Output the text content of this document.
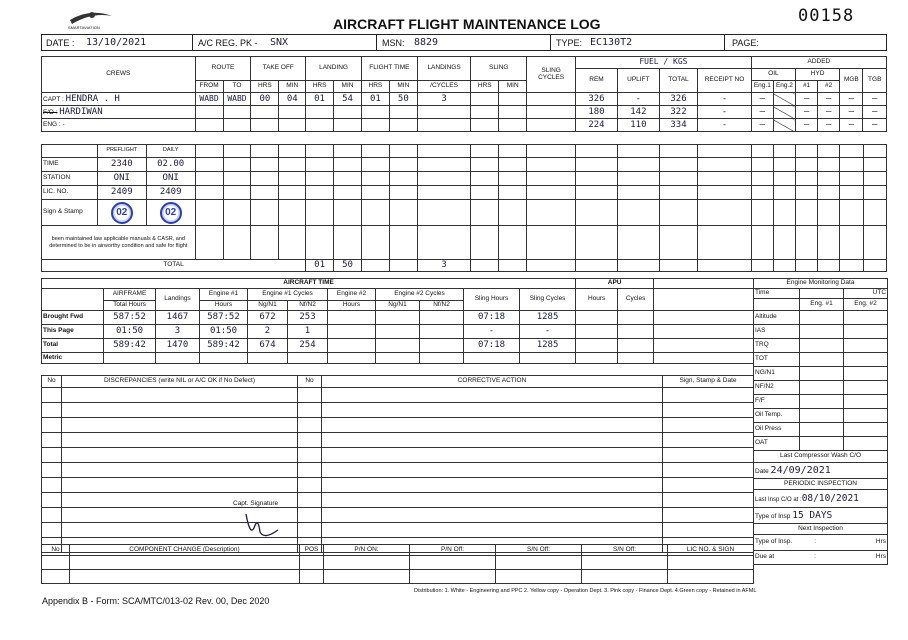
SMARTAVIATION	AIRCRAFT FLIGHT MAINTENANCE LOG	00158
DATE : 13/10/2021	A/C REG. PK - SNX	MSN: 8829	TYPE: EC130T2	PAGE:
CREWS	ROUTE		TAKE OFF		LANDING		FLIGHT TIME		LANDINGS	SLING		SLING CYCLES	FUEL / KGS				ADDED					
													REM	UPLIFT	TOTAL	RECEIPT NO	OIL		HYD		MGB	TGB
	FROM	TO	HRS	MIN	HRS	MIN	HRS	MIN	/CYCLES	HRS	MIN						Eng.1	Eng.2	#1	#2		
CAPT : HENDRA . H	WABD	WABD	00	04	01	54	01	50	3				326	-	326	-	–		–	–	–	–
F/O : HARDIWAN													180	142	322	-	–		–	–	–	–
ENG : -													224	110	334	-	–		–	–	–	–
	PREFLIGHT	DAILY																						
TIME	2340	02.00																						
STATION	ONI	ONI																						
LIC. NO.	2409	2409																						
Sign & Stamp	02	02																						
been maintained law applicable manuals & CASR, and determined to be in airworthy condition and safe for flight																								
TOTAL							01	50			3													
AIRCRAFT TIME											APU		
	AIRFRAME	Landings	Engine #1	Engine #1 Cycles		Engine #2	Engine #2 Cycles		Sling Hours	Sling Cycles	Hours	Cycles	
	Total Hours		Hours	Ng/N1	Nf/N2	Hours	Ng/N1	Nf/N2					
Brought Fwd	587:52	1467	587:52	672	253				07:18	1285			
This Page	01:50	3	01:50	2	1				-	-			
Total	589:42	1470	589:42	674	254				07:18	1285			
Metric													
No	DISCREPANCIES (write NIL or A/C OK if No Defect)	No	CORRECTIVE ACTION	Sign, Stamp & Date

Capt. Signature
No	COMPONENT CHANGE (Description)	POS	P/N ON:	P/N Off:	S/N Off:	S/N Off:	LIC NO. & SIGN

Engine Monitoring Data		
Time		UTC
	Eng. #1	Eng. #2
Altitude		
IAS		
TRQ		
TOT		
NG/N1		
NF/N2		
F/F		
Oil Temp.		
Oil Press		
OAT		
Last Compressor Wash C/O		
Date 24/09/2021		
PERIODIC INSPECTION		
Last Insp C/O at :08/10/2021		
Type of Insp 15 DAYS		
Next Inspection		
Type of Insp. : Hrs		

Due at : Hrs		
Appendix B - Form: SCA/MTC/013-02 Rev. 00, Dec 2020
Distribution: 1. White - Engineering and PPC 2. Yellow copy - Operation Dept. 3. Pink copy - Finance Dept. 4.Green copy - Retained in AFML
